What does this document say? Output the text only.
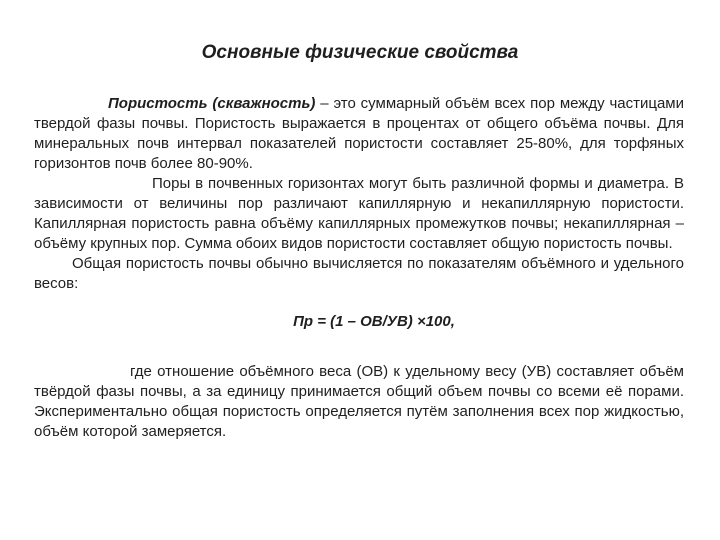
Основные физические свойства

Пористость (скважность) – это суммарный объём всех пор между частицами твердой фазы почвы. Пористость выражается в процентах от общего объёма почвы. Для минеральных почв интервал показателей пористости составляет 25-80%, для торфяных горизонтов почв более 80-90%.

Поры в почвенных горизонтах могут быть различной формы и диаметра. В зависимости от величины пор различают капиллярную и некапиллярную пористости. Капиллярная пористость равна объёму капиллярных промежутков почвы; некапиллярная – объёму крупных пор. Сумма обоих видов пористости составляет общую пористость почвы.

Общая пористость почвы обычно вычисляется по показателям объёмного и удельного весов:

Пр = (1 – ОВ/УВ) ×100,

где отношение объёмного веса (ОВ) к удельному весу (УВ) составляет объём твёрдой фазы почвы, а за единицу принимается общий объем почвы со всеми её порами. Экспериментально общая пористость определяется путём заполнения всех пор жидкостью, объём которой замеряется.
